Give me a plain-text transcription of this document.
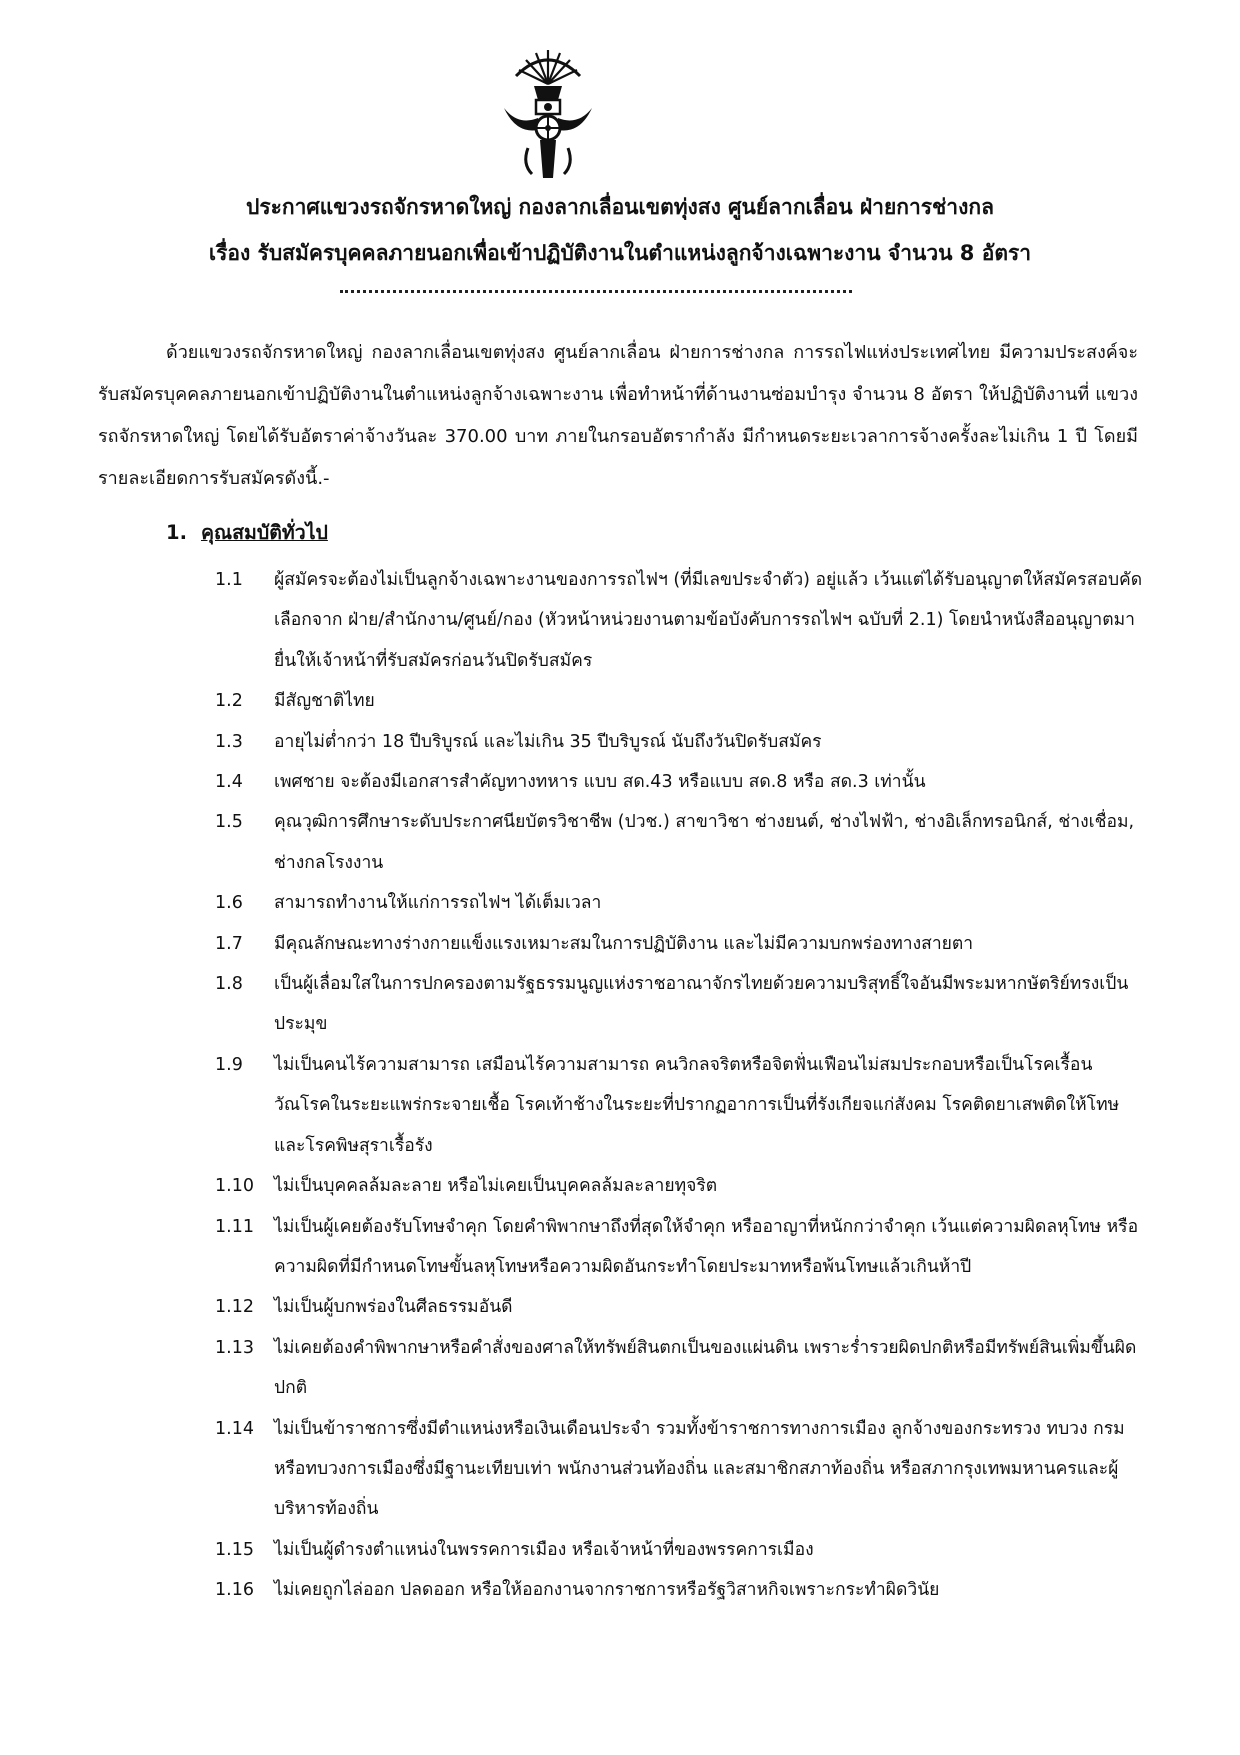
ประกาศแขวงรถจักรหาดใหญ่ กองลากเลื่อนเขตทุ่งสง ศูนย์ลากเลื่อน ฝ่ายการช่างกล
เรื่อง รับสมัครบุคคลภายนอกเพื่อเข้าปฏิบัติงานในตำแหน่งลูกจ้างเฉพาะงาน จำนวน 8 อัตรา
ด้วยแขวงรถจักรหาดใหญ่ กองลากเลื่อนเขตทุ่งสง ศูนย์ลากเลื่อน ฝ่ายการช่างกล การรถไฟแห่งประเทศไทย มีความประสงค์จะรับสมัครบุคคลภายนอกเข้าปฏิบัติงานในตำแหน่งลูกจ้างเฉพาะงาน เพื่อทำหน้าที่ด้านงานซ่อมบำรุง จำนวน 8 อัตรา ให้ปฏิบัติงานที่ แขวงรถจักรหาดใหญ่ โดยได้รับอัตราค่าจ้างวันละ 370.00 บาท ภายในกรอบอัตรากำลัง มีกำหนดระยะเวลาการจ้างครั้งละไม่เกิน 1 ปี โดยมีรายละเอียดการรับสมัครดังนี้.-
1. คุณสมบัติทั่วไป
1.1	ผู้สมัครจะต้องไม่เป็นลูกจ้างเฉพาะงานของการรถไฟฯ (ที่มีเลขประจำตัว) อยู่แล้ว เว้นแต่ได้รับอนุญาตให้สมัครสอบคัดเลือกจาก ฝ่าย/สำนักงาน/ศูนย์/กอง (หัวหน้าหน่วยงานตามข้อบังคับการรถไฟฯ ฉบับที่ 2.1) โดยนำหนังสืออนุญาตมายื่นให้เจ้าหน้าที่รับสมัครก่อนวันปิดรับสมัคร
1.2	มีสัญชาติไทย
1.3	อายุไม่ต่ำกว่า 18 ปีบริบูรณ์ และไม่เกิน 35 ปีบริบูรณ์ นับถึงวันปิดรับสมัคร
1.4	เพศชาย จะต้องมีเอกสารสำคัญทางทหาร แบบ สด.43 หรือแบบ สด.8 หรือ สด.3 เท่านั้น
1.5	คุณวุฒิการศึกษาระดับประกาศนียบัตรวิชาชีพ (ปวช.) สาขาวิชา ช่างยนต์, ช่างไฟฟ้า, ช่างอิเล็กทรอนิกส์, ช่างเชื่อม, ช่างกลโรงงาน
1.6	สามารถทำงานให้แก่การรถไฟฯ ได้เต็มเวลา
1.7	มีคุณลักษณะทางร่างกายแข็งแรงเหมาะสมในการปฏิบัติงาน และไม่มีความบกพร่องทางสายตา
1.8	เป็นผู้เลื่อมใสในการปกครองตามรัฐธรรมนูญแห่งราชอาณาจักรไทยด้วยความบริสุทธิ์ใจอันมีพระมหากษัตริย์ทรงเป็นประมุข
1.9	ไม่เป็นคนไร้ความสามารถ เสมือนไร้ความสามารถ คนวิกลจริตหรือจิตฟั่นเฟือนไม่สมประกอบหรือเป็นโรคเรื้อน วัณโรคในระยะแพร่กระจายเชื้อ โรคเท้าช้างในระยะที่ปรากฏอาการเป็นที่รังเกียจแก่สังคม โรคติดยาเสพติดให้โทษ และโรคพิษสุราเรื้อรัง
1.10	ไม่เป็นบุคคลล้มละลาย หรือไม่เคยเป็นบุคคลล้มละลายทุจริต
1.11	ไม่เป็นผู้เคยต้องรับโทษจำคุก โดยคำพิพากษาถึงที่สุดให้จำคุก หรืออาญาที่หนักกว่าจำคุก เว้นแต่ความผิดลหุโทษ หรือความผิดที่มีกำหนดโทษขั้นลหุโทษหรือความผิดอันกระทำโดยประมาทหรือพ้นโทษแล้วเกินห้าปี
1.12	ไม่เป็นผู้บกพร่องในศีลธรรมอันดี
1.13	ไม่เคยต้องคำพิพากษาหรือคำสั่งของศาลให้ทรัพย์สินตกเป็นของแผ่นดิน เพราะร่ำรวยผิดปกติหรือมีทรัพย์สินเพิ่มขึ้นผิดปกติ
1.14	ไม่เป็นข้าราชการซึ่งมีตำแหน่งหรือเงินเดือนประจำ รวมทั้งข้าราชการทางการเมือง ลูกจ้างของกระทรวง ทบวง กรม หรือทบวงการเมืองซึ่งมีฐานะเทียบเท่า พนักงานส่วนท้องถิ่น และสมาชิกสภาท้องถิ่น หรือสภากรุงเทพมหานครและผู้บริหารท้องถิ่น
1.15	ไม่เป็นผู้ดำรงตำแหน่งในพรรคการเมือง หรือเจ้าหน้าที่ของพรรคการเมือง
1.16	ไม่เคยถูกไล่ออก ปลดออก หรือให้ออกงานจากราชการหรือรัฐวิสาหกิจเพราะกระทำผิดวินัย
